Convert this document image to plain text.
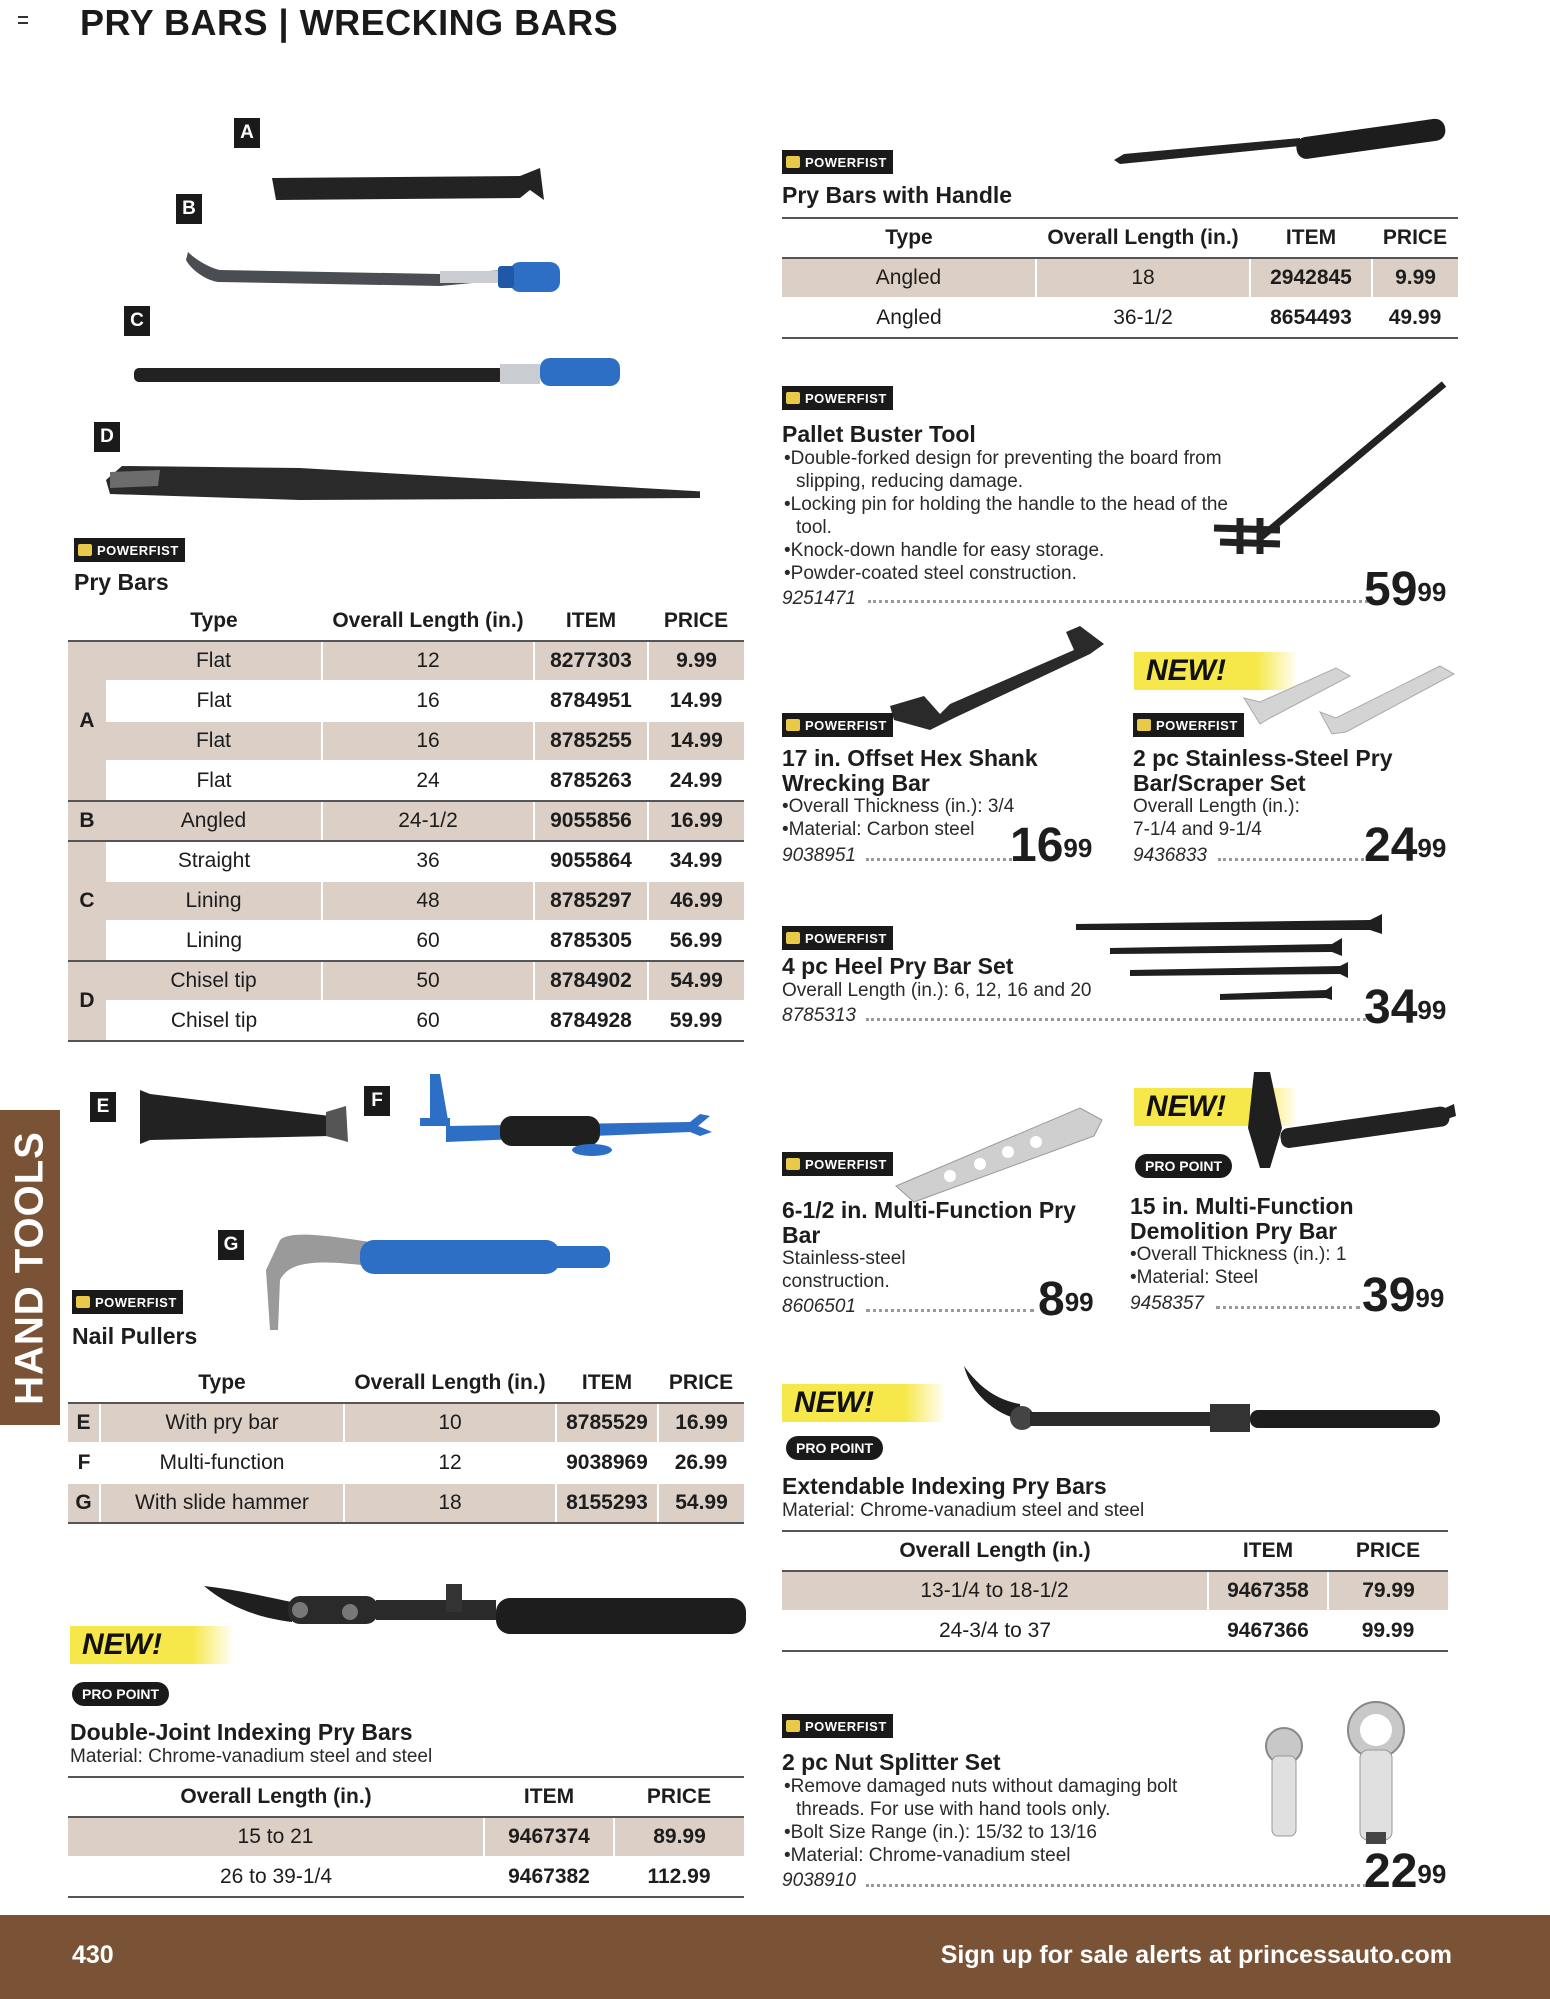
PRY BARS | WRECKING BARS
HAND TOOLS
430	Sign up for sale alerts at princessauto.com
A
B
C
D
POWERFIST
Pry Bars
	Type	Overall Length (in.)	ITEM	PRICE
A	Flat	12	8277303	9.99
	Flat	16	8784951	14.99
	Flat	16	8785255	14.99
	Flat	24	8785263	24.99
B	Angled	24-1/2	9055856	16.99
C	Straight	36	9055864	34.99
	Lining	48	8785297	46.99
	Lining	60	8785305	56.99
D	Chisel tip	50	8784902	54.99
	Chisel tip	60	8784928	59.99
E	F
G
POWERFIST
Nail Pullers
	Type	Overall Length (in.)	ITEM	PRICE
E	With pry bar	10	8785529	16.99
F	Multi-function	12	9038969	26.99
G	With slide hammer	18	8155293	54.99
NEW!
PRO POINT
Double-Joint Indexing Pry Bars
Material: Chrome-vanadium steel and steel
Overall Length (in.)	ITEM	PRICE
15 to 21	9467374	89.99
26 to 39-1/4	9467382	112.99
POWERFIST
Pry Bars with Handle
Type	Overall Length (in.)	ITEM	PRICE
Angled	18	2942845	9.99
Angled	36-1/2	8654493	49.99
POWERFIST
Pallet Buster Tool
•Double-forked design for preventing the board from slipping, reducing damage.
•Locking pin for holding the handle to the head of the tool.
•Knock-down handle for easy storage.
•Powder-coated steel construction.
9251471	$59^{99}$
POWERFIST
17 in. Offset Hex Shank Wrecking Bar
•Overall Thickness (in.): 3/4
•Material: Carbon steel
9038951	$16^{99}$
NEW!
POWERFIST
2 pc Stainless-Steel Pry Bar/Scraper Set
Overall Length (in.):
7-1/4 and 9-1/4
9436833	$24^{99}$
POWERFIST
4 pc Heel Pry Bar Set
Overall Length (in.): 6, 12, 16 and 20
8785313	$34^{99}$
POWERFIST
6-1/2 in. Multi-Function Pry Bar
Stainless-steel
construction.
8606501	$8^{99}$
NEW!
PRO POINT
15 in. Multi-Function Demolition Pry Bar
•Overall Thickness (in.): 1
•Material: Steel
9458357	$39^{99}$
NEW!
PRO POINT
Extendable Indexing Pry Bars
Material: Chrome-vanadium steel and steel
Overall Length (in.)	ITEM	PRICE
13-1/4 to 18-1/2	9467358	79.99
24-3/4 to 37	9467366	99.99
POWERFIST
2 pc Nut Splitter Set
•Remove damaged nuts without damaging bolt threads. For use with hand tools only.
•Bolt Size Range (in.): 15/32 to 13/16
•Material: Chrome-vanadium steel
9038910	$22^{99}$
